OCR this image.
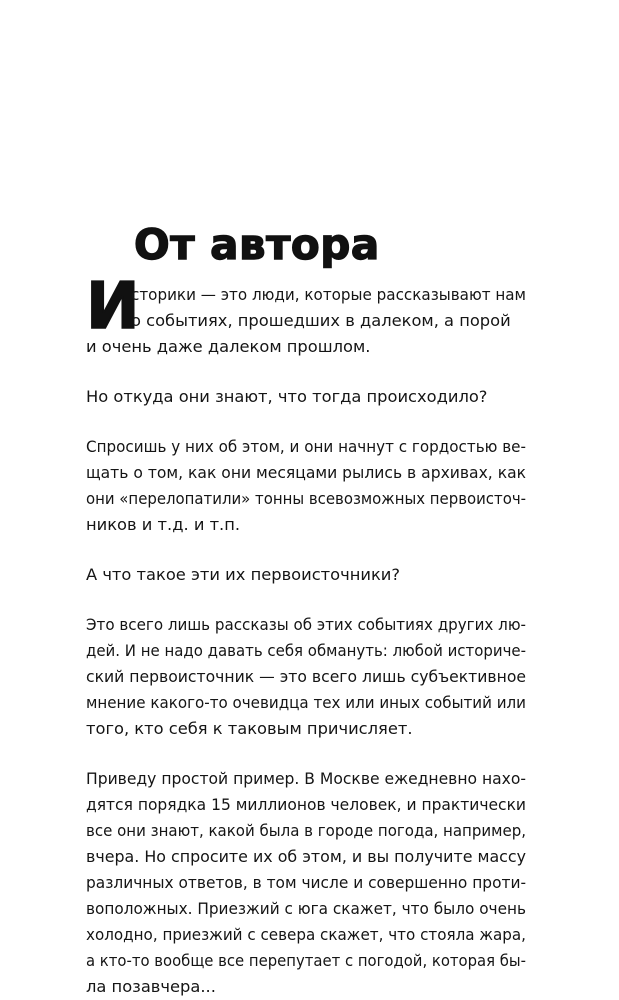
От автора
И
сторики — это люди, которые рассказывают нам
о событиях, прошедших в далеком, а порой
и очень даже далеком прошлом.
Но откуда они знают, что тогда происходило?
Спросишь у них об этом, и они начнут с гордостью ве-
щать о том, как они месяцами рылись в архивах, как
они «перелопатили» тонны всевозможных первоисточ-
ников и т.д. и т.п.
А что такое эти их первоисточники?
Это всего лишь рассказы об этих событиях других лю-
дей. И не надо давать себя обмануть: любой историче-
ский первоисточник — это всего лишь субъективное
мнение какого-то очевидца тех или иных событий или
того, кто себя к таковым причисляет.
Приведу простой пример. В Москве ежедневно нахо-
дятся порядка 15 миллионов человек, и практически
все они знают, какой была в городе погода, например,
вчера. Но спросите их об этом, и вы получите массу
различных ответов, в том числе и совершенно проти-
воположных. Приезжий с юга скажет, что было очень
холодно, приезжий с севера скажет, что стояла жара,
а кто-то вообще все перепутает с погодой, которая бы-
ла позавчера...
